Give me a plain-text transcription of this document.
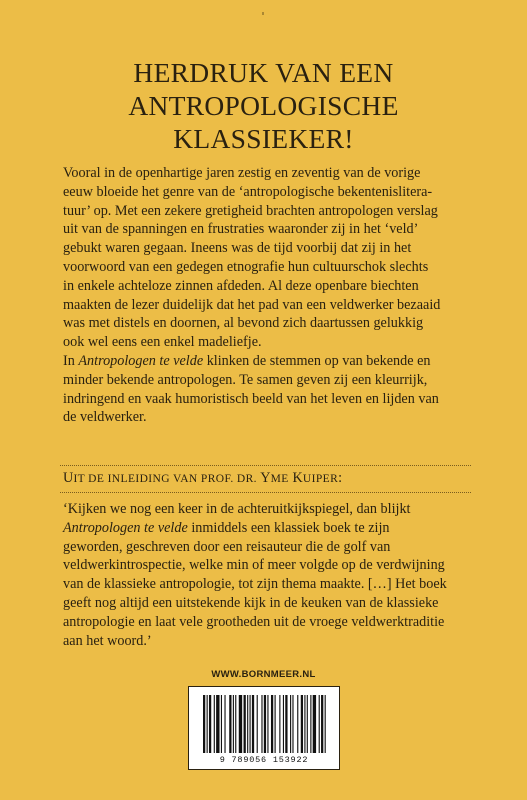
HERDRUK VAN EEN
ANTROPOLOGISCHE
KLASSIEKER!
Vooral in de openhartige jaren zestig en zeventig van de vorige
eeuw bloeide het genre van de ‘antropologische bekentenislitera-
tuur’ op. Met een zekere gretigheid brachten antropologen verslag
uit van de spanningen en frustraties waaronder zij in het ‘veld’
gebukt waren gegaan. Ineens was de tijd voorbij dat zij in het
voorwoord van een gedegen etnografie hun cultuurschok slechts
in enkele achteloze zinnen afdeden. Al deze openbare biechten
maakten de lezer duidelijk dat het pad van een veldwerker bezaaid
was met distels en doornen, al bevond zich daartussen gelukkig
ook wel eens een enkel madeliefje.
In Antropologen te velde klinken de stemmen op van bekende en
minder bekende antropologen. Te samen geven zij een kleurrijk,
indringend en vaak humoristisch beeld van het leven en lijden van
de veldwerker.
UIT DE INLEIDING VAN PROF. DR. YME KUIPER:
‘Kijken we nog een keer in de achteruitkijkspiegel, dan blijkt
Antropologen te velde inmiddels een klassiek boek te zijn
geworden, geschreven door een reisauteur die de golf van
veldwerkintrospectie, welke min of meer volgde op de verdwijning
van de klassieke antropologie, tot zijn thema maakte. […] Het boek
geeft nog altijd een uitstekende kijk in de keuken van de klassieke
antropologie en laat vele grootheden uit de vroege veldwerktraditie
aan het woord.’
WWW.BORNMEER.NL
9 789056 153922
